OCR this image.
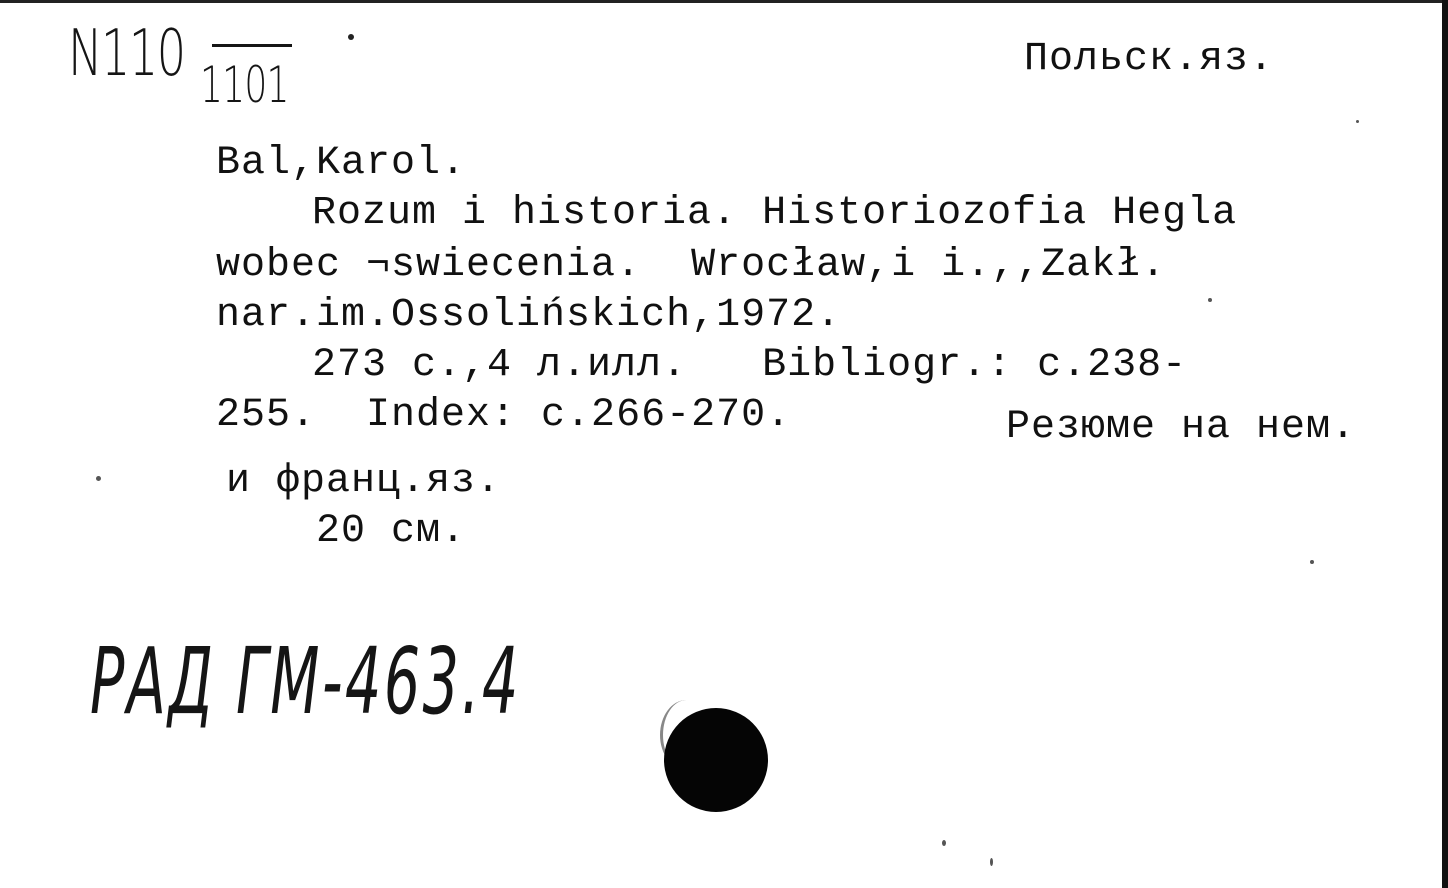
N110 1101	Польск.яз.
Bal,Karol.
Rozum i historia. Historiozofia Hegla
wobec ¬swiecenia.  Wrocław,i i.,,Zakł.
nar.im.Ossolińskich,1972.
273 c.,4 л.илл.   Bibliogr.: c.238-
255.  Index: c.266-270.	Резюме на нем.
и франц.яз.
20 см.
РАД ГМ-463.4
